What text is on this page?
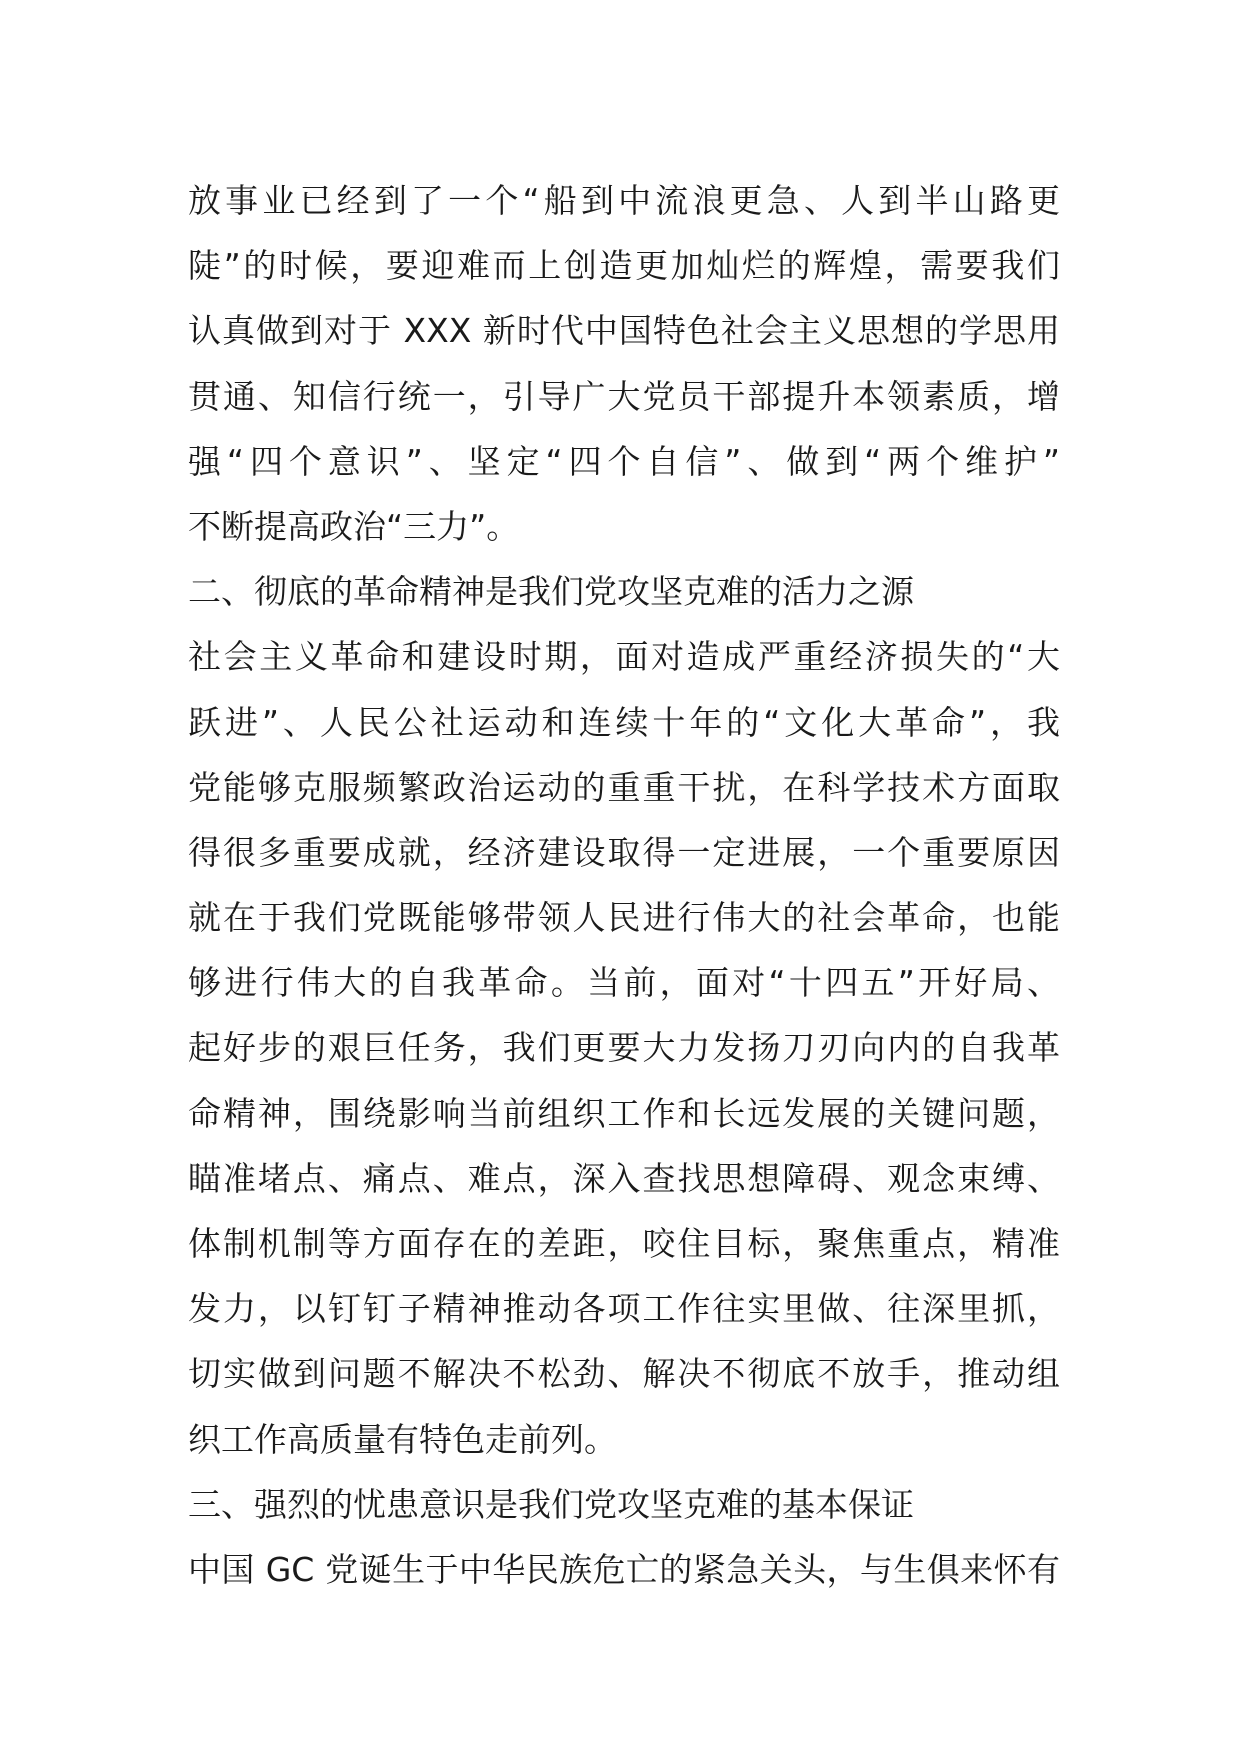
放事业已经到了一个“船到中流浪更急、人到半山路更
陡”的时候，要迎难而上创造更加灿烂的辉煌，需要我们
认真做到对于 XXX 新时代中国特色社会主义思想的学思用
贯通、知信行统一，引导广大党员干部提升本领素质，增
强“四个意识”、坚定“四个自信”、做到“两个维护”
不断提高政治“三力”。
二、彻底的革命精神是我们党攻坚克难的活力之源
社会主义革命和建设时期，面对造成严重经济损失的“大
跃进”、人民公社运动和连续十年的“文化大革命”，我
党能够克服频繁政治运动的重重干扰，在科学技术方面取
得很多重要成就，经济建设取得一定进展，一个重要原因
就在于我们党既能够带领人民进行伟大的社会革命，也能
够进行伟大的自我革命。当前，面对“十四五”开好局、
起好步的艰巨任务，我们更要大力发扬刀刃向内的自我革
命精神，围绕影响当前组织工作和长远发展的关键问题，
瞄准堵点、痛点、难点，深入查找思想障碍、观念束缚、
体制机制等方面存在的差距，咬住目标，聚焦重点，精准
发力，以钉钉子精神推动各项工作往实里做、往深里抓，
切实做到问题不解决不松劲、解决不彻底不放手，推动组
织工作高质量有特色走前列。
三、强烈的忧患意识是我们党攻坚克难的基本保证
中国 GC 党诞生于中华民族危亡的紧急关头，与生俱来怀有
